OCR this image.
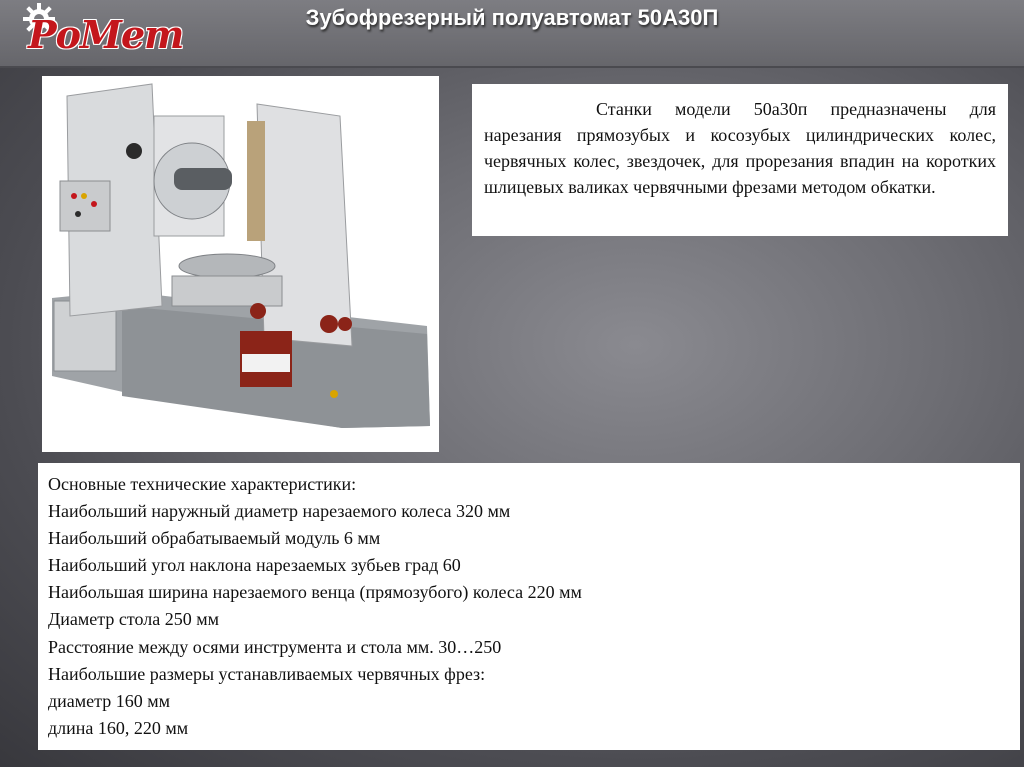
РоМет	Зубофрезерный полуавтомат 50А30П
Станки модели 50а30п предназначены для нарезания прямозубых и косозубых цилиндрических колес, червячных колес, звездочек, для прорезания впадин на коротких шлицевых валиках червячными фрезами методом обкатки.
Основные технические характеристики:
Наибольший наружный диаметр нарезаемого колеса 320 мм
Наибольший обрабатываемый модуль 6 мм
Наибольший угол наклона нарезаемых зубьев град 60
Наибольшая ширина нарезаемого венца (прямозубого) колеса 220 мм
Диаметр стола 250 мм
Расстояние между осями инструмента и стола мм. 30…250
Наибольшие размеры устанавливаемых червячных фрез:
диаметр 160 мм
длина 160, 220 мм
